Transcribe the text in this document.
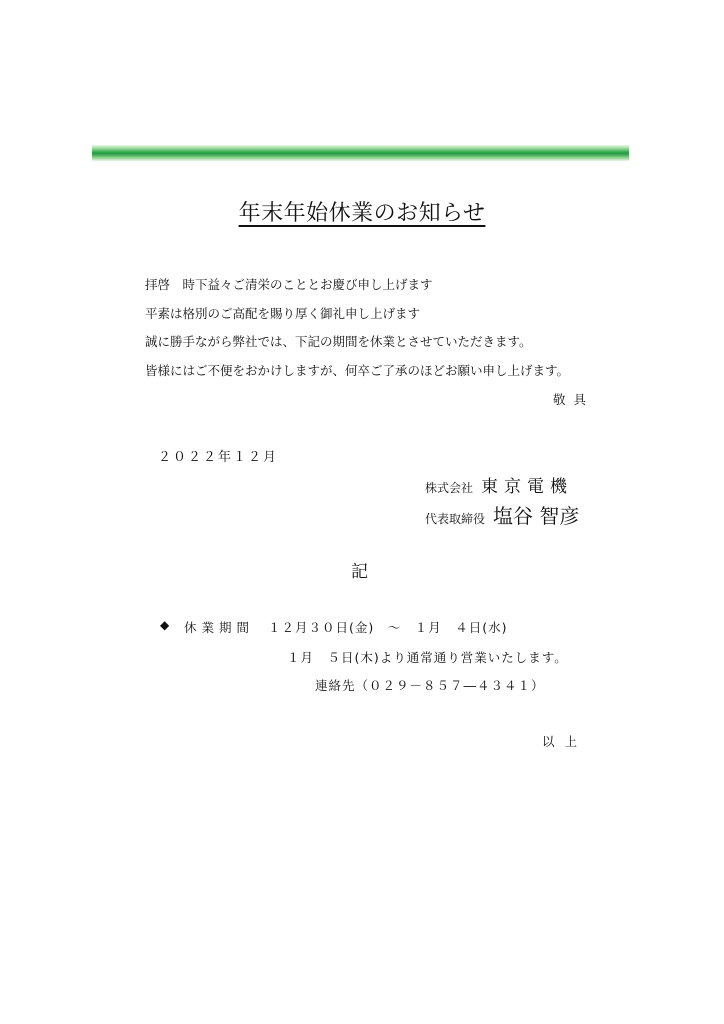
年末年始休業のお知らせ
拝啓　時下益々ご清栄のこととお慶び申し上げます
平素は格別のご高配を賜り厚く御礼申し上げます
誠に勝手ながら弊社では、下記の期間を休業とさせていただきます。
皆様にはご不便をおかけしますが、何卒ご了承のほどお願い申し上げます。
敬具
２０２２年１２月
株式会社 東京電機
代表取締役 塩谷 智彦
記
◆ 休業期間 １２月３０日(金)　～　１月　４日(水)
１月　５日(木)より通常通り営業いたします。
連絡先（０２９－８５７―４３４１）
以上
